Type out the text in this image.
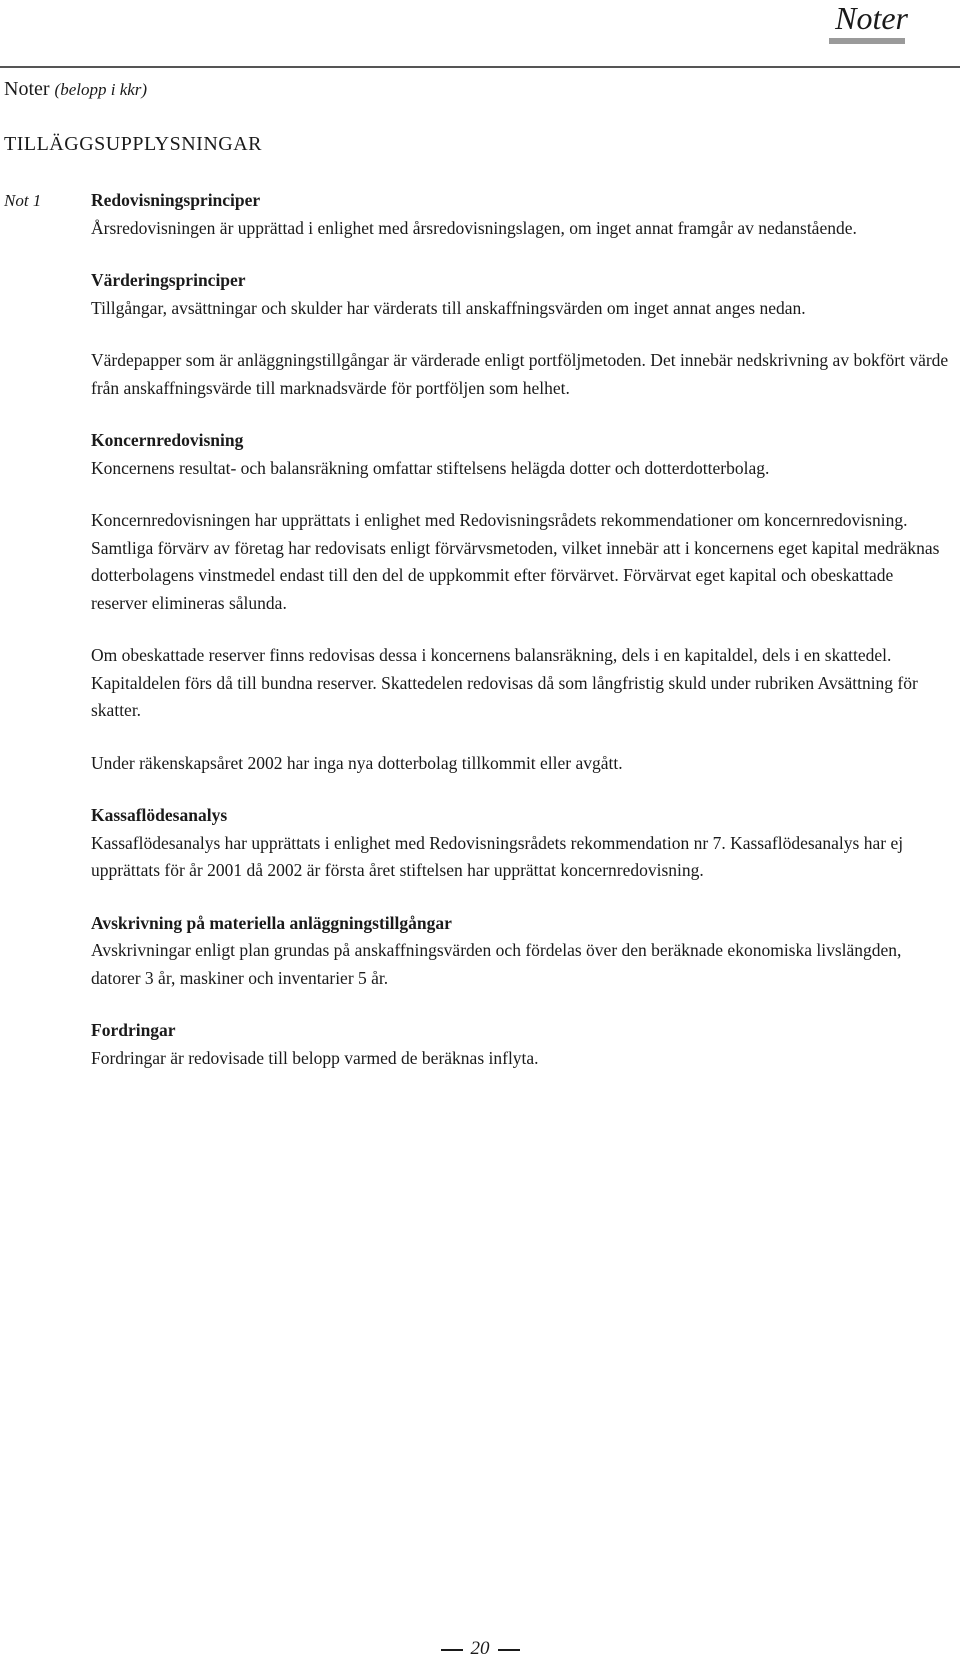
Noter
Noter (belopp i kkr)
TILLÄGGSUPPLYSNINGAR
Not 1	Redovisningsprinciper

Årsredovisningen är upprättad i enlighet med årsredovisningslagen, om inget annat framgår av nedanstående.

Värderingsprinciper

Tillgångar, avsättningar och skulder har värderats till anskaffningsvärden om inget annat anges nedan.

Värdepapper som är anläggningstillgångar är värderade enligt portföljmetoden. Det innebär nedskrivning av bokfört värde från anskaffningsvärde till marknadsvärde för portföljen som helhet.

Koncernredovisning

Koncernens resultat- och balansräkning omfattar stiftelsens helägda dotter och dotterdotterbolag.

Koncernredovisningen har upprättats i enlighet med Redovisningsrådets rekommendationer om koncernredovisning. Samtliga förvärv av företag har redovisats enligt förvärvsmetoden, vilket innebär att i koncernens eget kapital medräknas dotterbolagens vinstmedel endast till den del de uppkommit efter förvärvet. Förvärvat eget kapital och obeskattade reserver elimineras sålunda.

Om obeskattade reserver finns redovisas dessa i koncernens balansräkning, dels i en kapitaldel, dels i en skattedel. Kapitaldelen förs då till bundna reserver. Skattedelen redovisas då som långfristig skuld under rubriken Avsättning för skatter.

Under räkenskapsåret 2002 har inga nya dotterbolag tillkommit eller avgått.

Kassaflödesanalys

Kassaflödesanalys har upprättats i enlighet med Redovisningsrådets rekommendation nr 7. Kassaflödesanalys har ej upprättats för år 2001 då 2002 är första året stiftelsen har upprättat koncernredovisning.

Avskrivning på materiella anläggningstillgångar

Avskrivningar enligt plan grundas på anskaffningsvärden och fördelas över den beräknade ekonomiska livslängden, datorer 3 år, maskiner och inventarier 5 år.

Fordringar

Fordringar är redovisade till belopp varmed de beräknas inflyta.

20
